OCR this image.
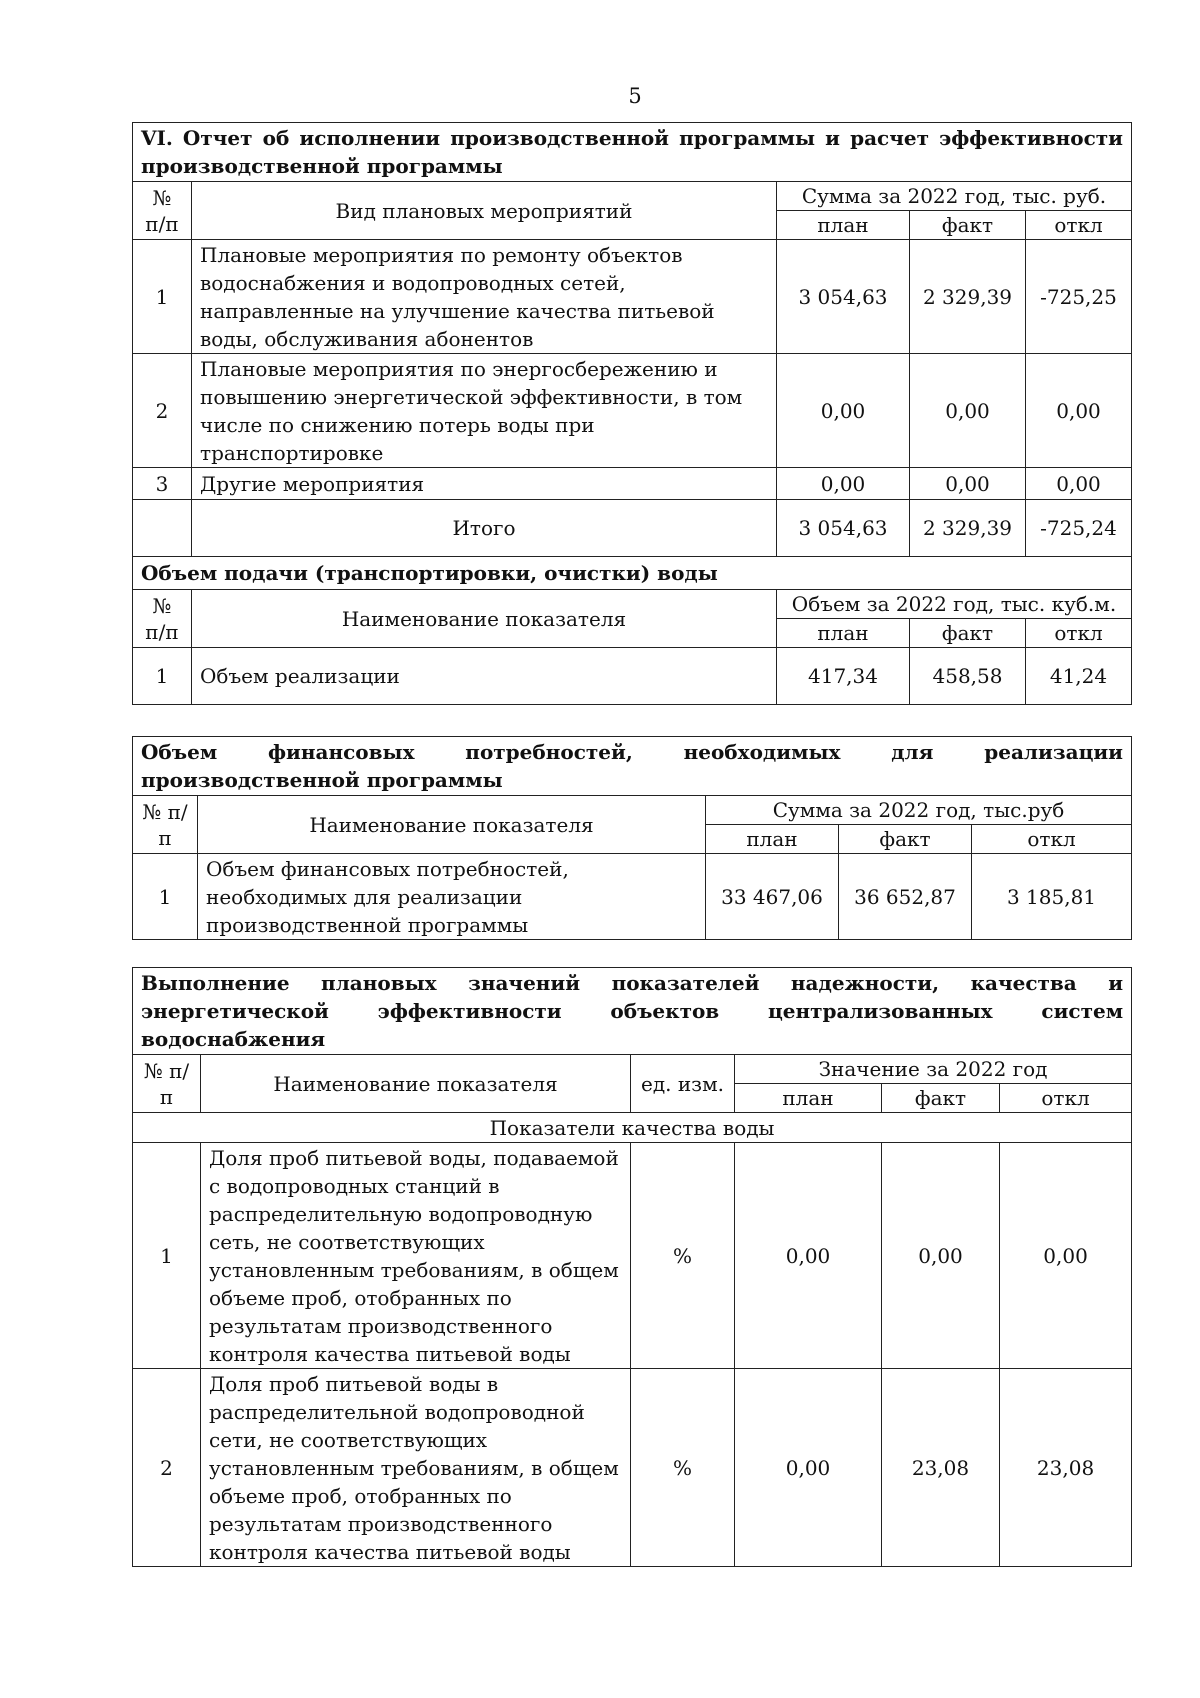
5
VI. Отчет об исполнении производственной программы и расчет эффективности производственной программы				
№ п/п	Вид плановых мероприятий	Сумма за 2022 год, тыс. руб.		
		план	факт	откл
1	Плановые мероприятия по ремонту объектов водоснабжения и водопроводных сетей, направленные на улучшение качества питьевой воды, обслуживания абонентов	3 054,63	2 329,39	-725,25
2	Плановые мероприятия по энергосбережению и повышению энергетической эффективности, в том числе по снижению потерь воды при транспортировке	0,00	0,00	0,00
3	Другие мероприятия	0,00	0,00	0,00
	Итого	3 054,63	2 329,39	-725,24
Объем подачи (транспортировки, очистки) воды				
№ п/п	Наименование показателя	Объем за 2022 год, тыс. куб.м.		
		план	факт	откл
1	Объем реализации	417,34	458,58	41,24
Объем финансовых потребностей, необходимых для реализации производственной программы				
№ п/п	Наименование показателя	Сумма за 2022 год, тыс.руб		
		план	факт	откл
1	Объем финансовых потребностей, необходимых для реализации производственной программы	33 467,06	36 652,87	3 185,81
Выполнение плановых значений показателей надежности, качества и энергетической эффективности объектов централизованных систем водоснабжения					
№ п/п	Наименование показателя	ед. изм.	Значение за 2022 год		
			план	факт	откл
Показатели качества воды					
1	Доля проб питьевой воды, подаваемой с водопроводных станций в распределительную водопроводную сеть, не соответствующих установленным требованиям, в общем объеме проб, отобранных по результатам производственного контроля качества питьевой воды	%	0,00	0,00	0,00
2	Доля проб питьевой воды в распределительной водопроводной сети, не соответствующих установленным требованиям, в общем объеме проб, отобранных по результатам производственного контроля качества питьевой воды	%	0,00	23,08	23,08
